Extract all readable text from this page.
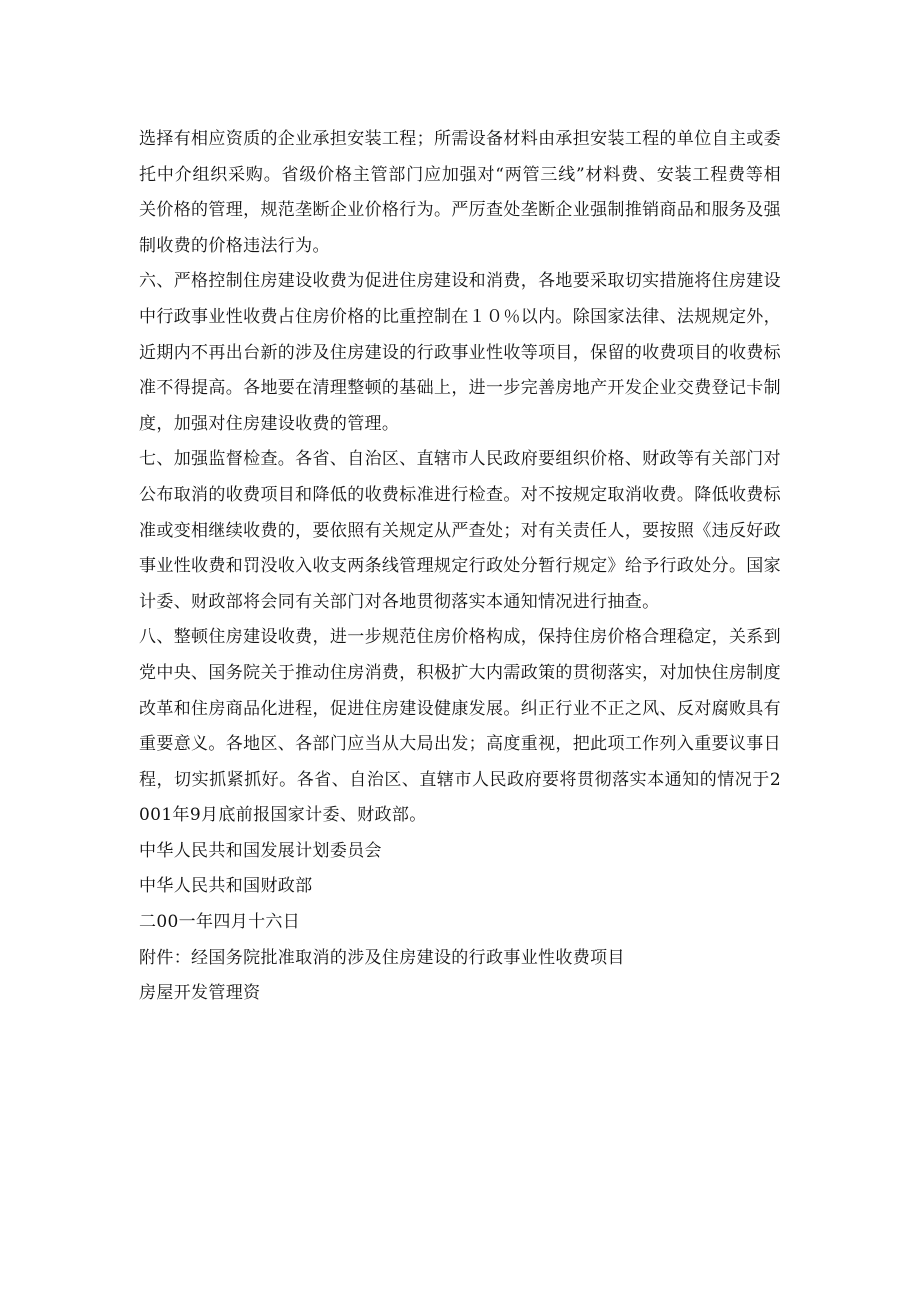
选择有相应资质的企业承担安装工程；所需设备材料由承担安装工程的单位自主或委托中介组织采购。省级价格主管部门应加强对“两管三线”材料费、安装工程费等相关价格的管理，规范垄断企业价格行为。严厉查处垄断企业强制推销商品和服务及强制收费的价格违法行为。

六、严格控制住房建设收费为促进住房建设和消费，各地要采取切实措施将住房建设中行政事业性收费占住房价格的比重控制在１０％以内。除国家法律、法规规定外，近期内不再出台新的涉及住房建设的行政事业性收等项目，保留的收费项目的收费标准不得提高。各地要在清理整顿的基础上，进一步完善房地产开发企业交费登记卡制度，加强对住房建设收费的管理。

七、加强监督检查。各省、自治区、直辖市人民政府要组织价格、财政等有关部门对公布取消的收费项目和降低的收费标准进行检查。对不按规定取消收费。降低收费标准或变相继续收费的，要依照有关规定从严查处；对有关责任人，要按照《违反好政事业性收费和罚没收入收支两条线管理规定行政处分暂行规定》给予行政处分。国家计委、财政部将会同有关部门对各地贯彻落实本通知情况进行抽查。

八、整顿住房建设收费，进一步规范住房价格构成，保持住房价格合理稳定，关系到党中央、国务院关于推动住房消费，积极扩大内需政策的贯彻落实，对加快住房制度改革和住房商品化进程，促进住房建设健康发展。纠正行业不正之风、反对腐败具有重要意义。各地区、各部门应当从大局出发；高度重视，把此项工作列入重要议事日程，切实抓紧抓好。各省、自治区、直辖市人民政府要将贯彻落实本通知的情况于2001年9月底前报国家计委、财政部。

中华人民共和国发展计划委员会

中华人民共和国财政部

二00一年四月十六日

附件：经国务院批准取消的涉及住房建设的行政事业性收费项目

房屋开发管理资
